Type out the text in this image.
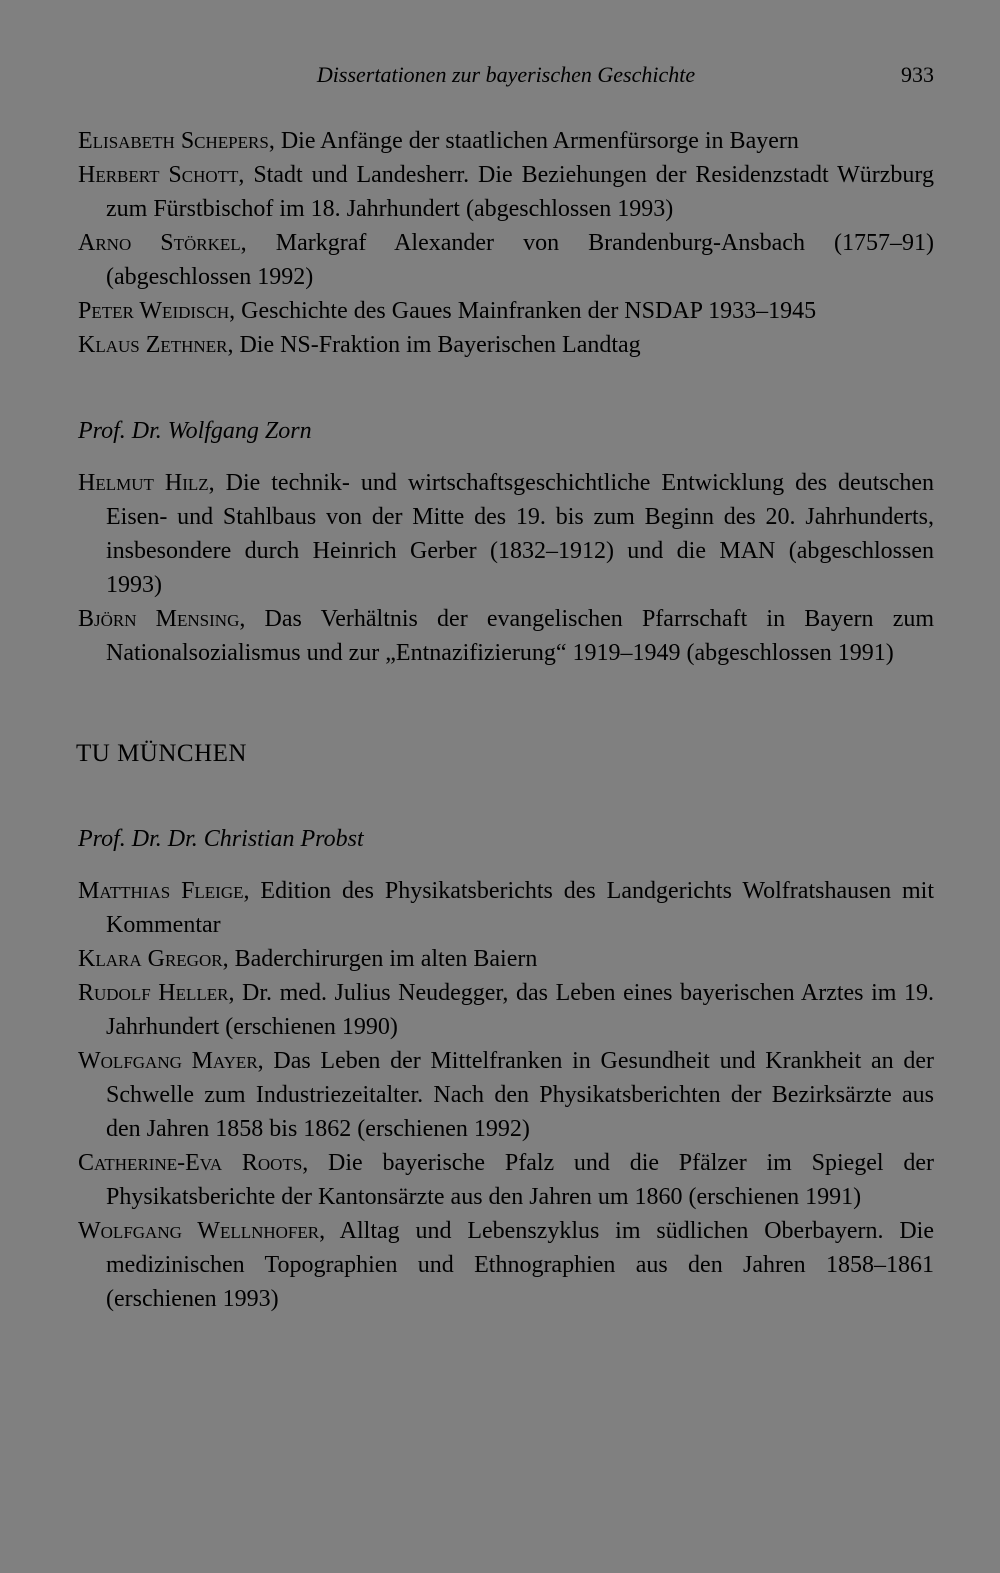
Dissertationen zur bayerischen Geschichte	933
Elisabeth Schepers, Die Anfänge der staatlichen Armenfürsorge in Bayern
Herbert Schott, Stadt und Landesherr. Die Beziehungen der Residenzstadt Würzburg zum Fürstbischof im 18. Jahrhundert (abgeschlossen 1993)
Arno Störkel, Markgraf Alexander von Brandenburg-Ansbach (1757–91) (abgeschlossen 1992)
Peter Weidisch, Geschichte des Gaues Mainfranken der NSDAP 1933–1945
Klaus Zethner, Die NS-Fraktion im Bayerischen Landtag
Prof. Dr. Wolfgang Zorn
Helmut Hilz, Die technik- und wirtschaftsgeschichtliche Entwicklung des deutschen Eisen- und Stahlbaus von der Mitte des 19. bis zum Beginn des 20. Jahrhunderts, insbesondere durch Heinrich Gerber (1832–1912) und die MAN (abgeschlossen 1993)
Björn Mensing, Das Verhältnis der evangelischen Pfarrschaft in Bayern zum Nationalsozialismus und zur „Entnazifizierung“ 1919–1949 (abgeschlossen 1991)
TU MÜNCHEN
Prof. Dr. Dr. Christian Probst
Matthias Fleige, Edition des Physikatsberichts des Landgerichts Wolfratshausen mit Kommentar
Klara Gregor, Baderchirurgen im alten Baiern
Rudolf Heller, Dr. med. Julius Neudegger, das Leben eines bayerischen Arztes im 19. Jahrhundert (erschienen 1990)
Wolfgang Mayer, Das Leben der Mittelfranken in Gesundheit und Krankheit an der Schwelle zum Industriezeitalter. Nach den Physikatsberichten der Bezirksärzte aus den Jahren 1858 bis 1862 (erschienen 1992)
Catherine-Eva Roots, Die bayerische Pfalz und die Pfälzer im Spiegel der Physikatsberichte der Kantonsärzte aus den Jahren um 1860 (erschienen 1991)
Wolfgang Wellnhofer, Alltag und Lebenszyklus im südlichen Oberbayern. Die medizinischen Topographien und Ethnographien aus den Jahren 1858–1861 (erschienen 1993)
